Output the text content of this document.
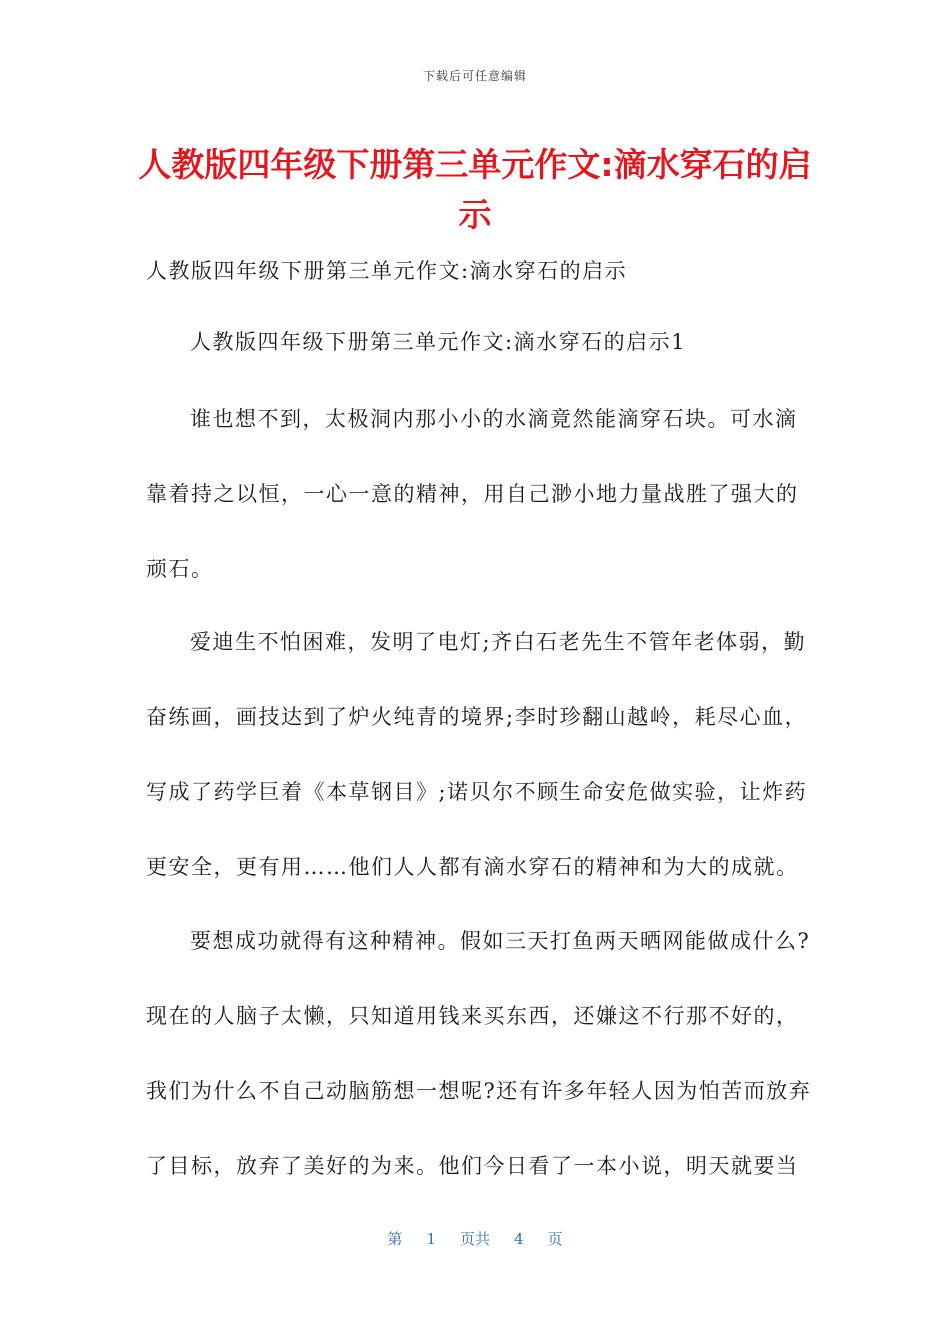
下载后可任意编辑
人教版四年级下册第三单元作文:滴水穿石的启示

人教版四年级下册第三单元作文:滴水穿石的启示

人教版四年级下册第三单元作文:滴水穿石的启示1

谁也想不到，太极洞内那小小的水滴竟然能滴穿石块。可水滴靠着持之以恒，一心一意的精神，用自己渺小地力量战胜了强大的顽石。

爱迪生不怕困难，发明了电灯;齐白石老先生不管年老体弱，勤奋练画，画技达到了炉火纯青的境界;李时珍翻山越岭，耗尽心血，写成了药学巨着《本草钢目》;诺贝尔不顾生命安危做实验，让炸药更安全，更有用……他们人人都有滴水穿石的精神和为大的成就。

要想成功就得有这种精神。假如三天打鱼两天晒网能做成什么?现在的人脑子太懒，只知道用钱来买东西，还嫌这不行那不好的，我们为什么不自己动脑筋想一想呢?还有许多年轻人因为怕苦而放弃了目标，放弃了美好的为来。他们今日看了一本小说，明天就要当

第 1 页共 4 页
